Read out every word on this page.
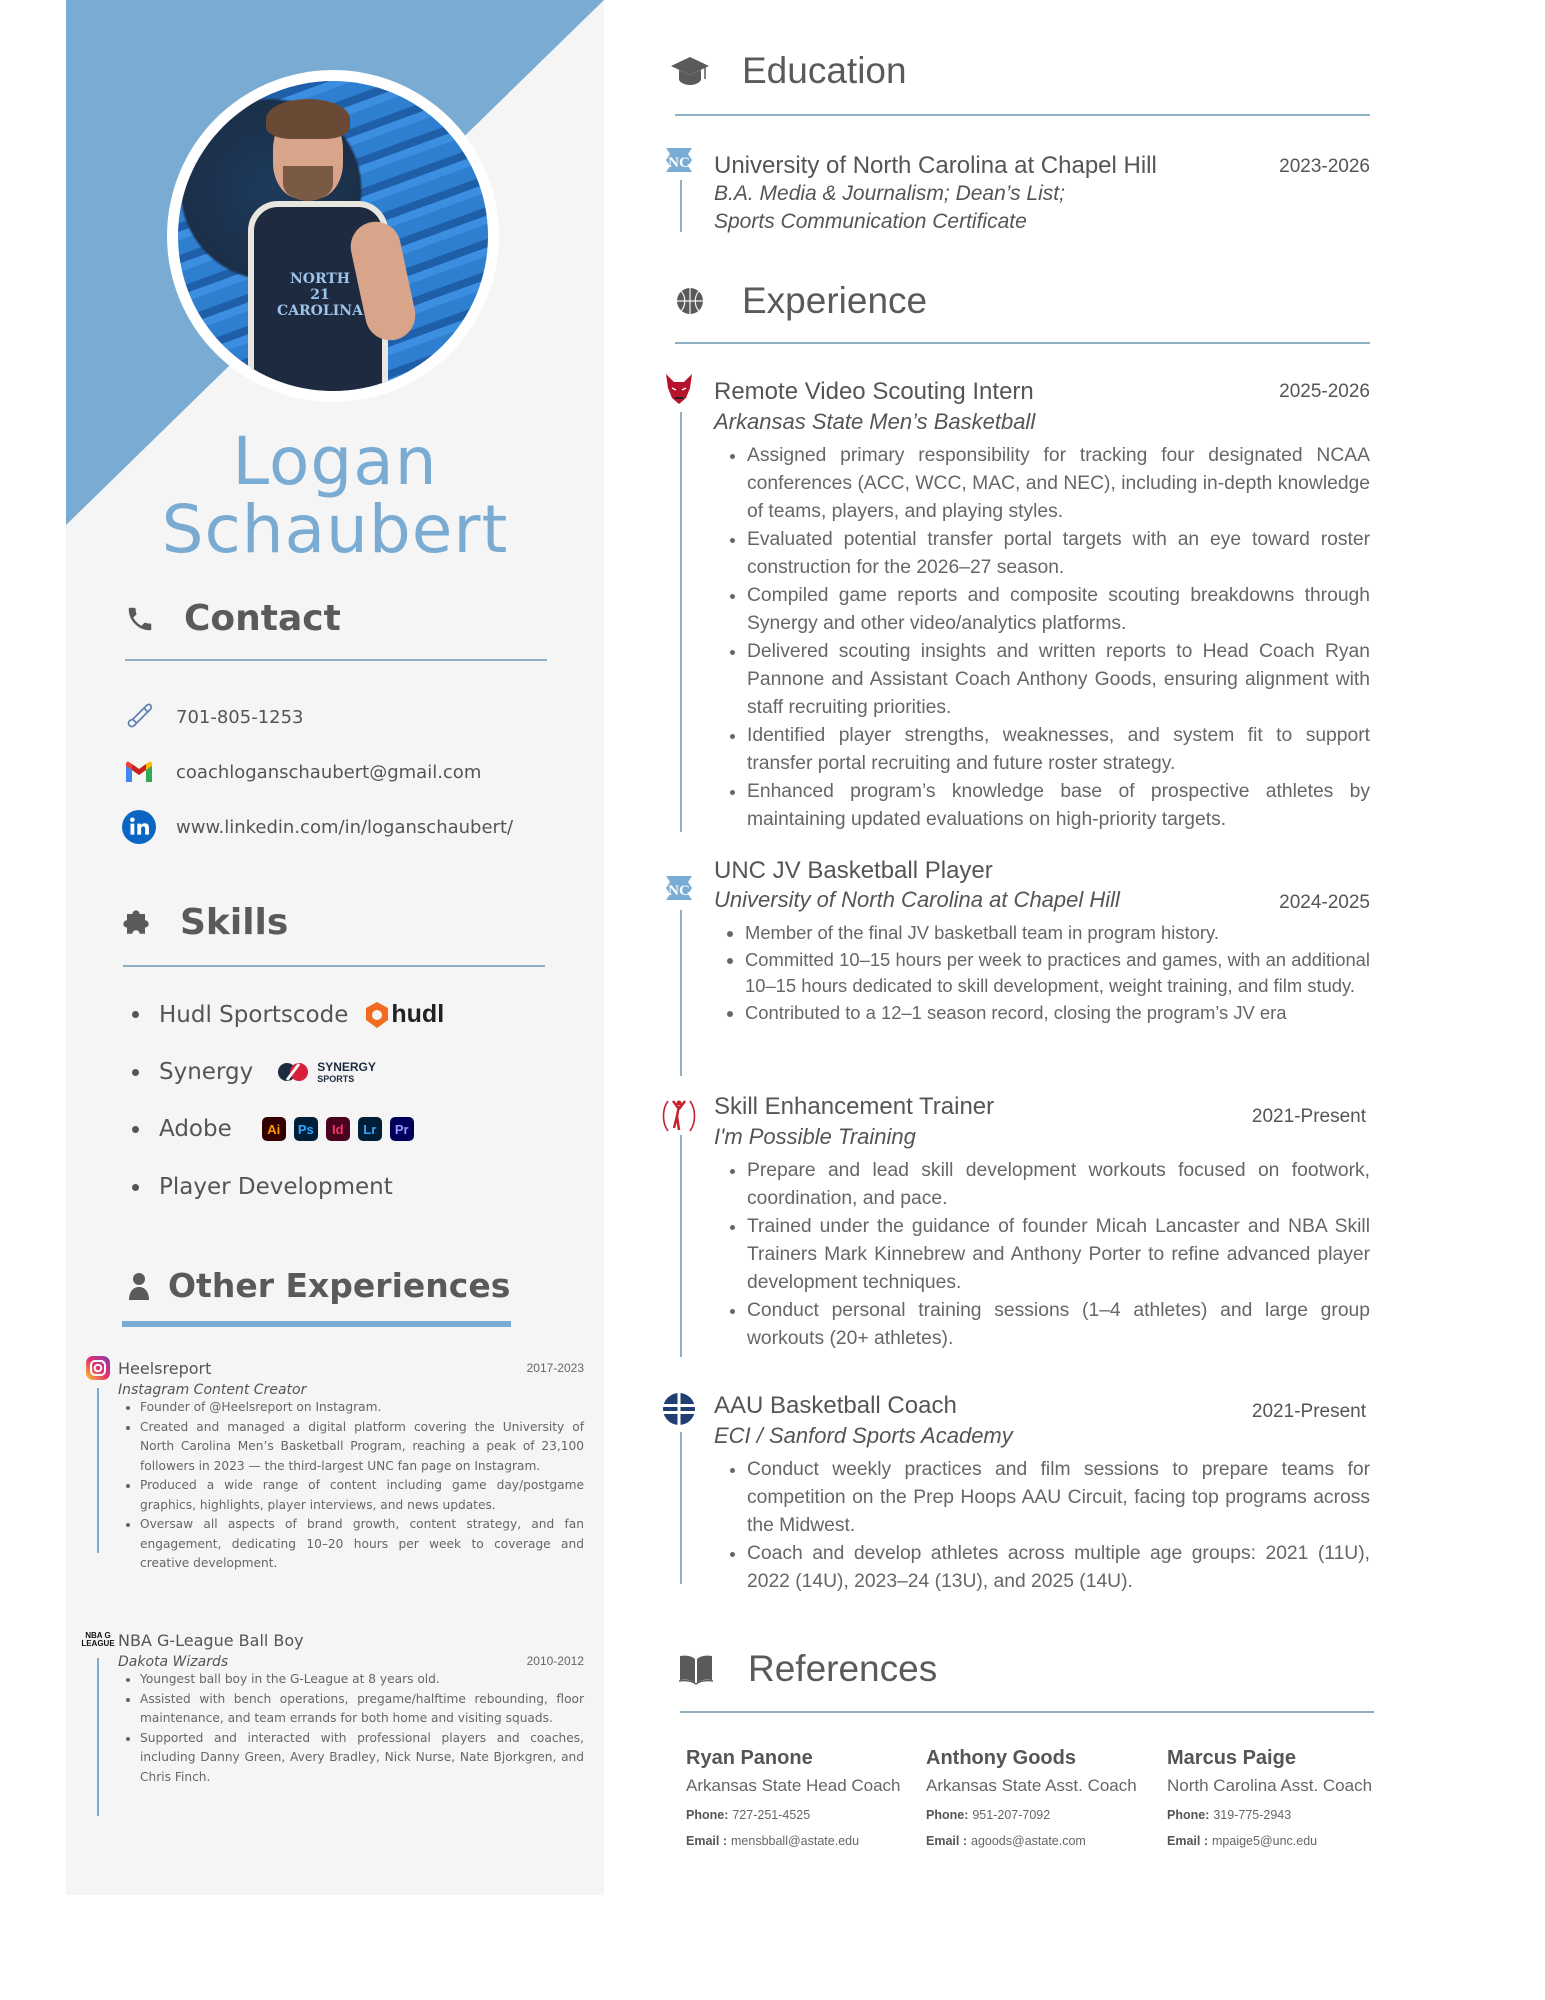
NORTH
21
CAROLINA
Logan
Schaubert
Contact
701-805-1253
coachloganschaubert@gmail.com
www.linkedin.com/in/loganschaubert/
Skills
Hudl Sportscode hudl
Synergy	SYNERGY
SPORTS
Adobe	Ai	Ps	Id	Lr	Pr
Player Development
Other Experiences
Heelsreport	2017-2023
Instagram Content Creator
• Founder of @Heelsreport on Instagram.
• Created and managed a digital platform covering the University of North Carolina Men’s Basketball Program, reaching a peak of 23,100 followers in 2023 — the third-largest UNC fan page on Instagram.
• Produced a wide range of content including game day/postgame graphics, highlights, player interviews, and news updates.
• Oversaw all aspects of brand growth, content strategy, and fan engagement, dedicating 10–20 hours per week to coverage and creative development.
NBA G LEAGUE NBA G-League Ball Boy
Dakota Wizards	2010-2012
• Youngest ball boy in the G-League at 8 years old.
• Assisted with bench operations, pregame/halftime rebounding, floor maintenance, and team errands for both home and visiting squads.
• Supported and interacted with professional players and coaches, including Danny Green, Avery Bradley, Nick Nurse, Nate Bjorkgren, and Chris Finch.
Education
NC University of North Carolina at Chapel Hill	2023-2026
B.A. Media & Journalism; Dean’s List;
Sports Communication Certificate
Experience
Remote Video Scouting Intern	2025-2026
Arkansas State Men’s Basketball
• Assigned primary responsibility for tracking four designated NCAA conferences (ACC, WCC, MAC, and NEC), including in-depth knowledge of teams, players, and playing styles.
• Evaluated potential transfer portal targets with an eye toward roster construction for the 2026–27 season.
• Compiled game reports and composite scouting breakdowns through Synergy and other video/analytics platforms.
• Delivered scouting insights and written reports to Head Coach Ryan Pannone and Assistant Coach Anthony Goods, ensuring alignment with staff recruiting priorities.
• Identified player strengths, weaknesses, and system fit to support transfer portal recruiting and future roster strategy.
• Enhanced program’s knowledge base of prospective athletes by maintaining updated evaluations on high-priority targets.
NC
UNC JV Basketball Player
University of North Carolina at Chapel Hill	2024-2025
• Member of the final JV basketball team in program history.
• Committed 10–15 hours per week to practices and games, with an additional 10–15 hours dedicated to skill development, weight training, and film study.
• Contributed to a 12–1 season record, closing the program’s JV era
Skill Enhancement Trainer	2021-Present
I'm Possible Training
• Prepare and lead skill development workouts focused on footwork, coordination, and pace.
• Trained under the guidance of founder Micah Lancaster and NBA Skill Trainers Mark Kinnebrew and Anthony Porter to refine advanced player development techniques.
• Conduct personal training sessions (1–4 athletes) and large group workouts (20+ athletes).
AAU Basketball Coach	2021-Present
ECI / Sanford Sports Academy
• Conduct weekly practices and film sessions to prepare teams for competition on the Prep Hoops AAU Circuit, facing top programs across the Midwest.
• Coach and develop athletes across multiple age groups: 2021 (11U), 2022 (14U), 2023–24 (13U), and 2025 (14U).
References
Ryan Panone
Arkansas State Head Coach
Phone: 727-251-4525
Email : mensbball@astate.edu
Anthony Goods
Arkansas State Asst. Coach
Phone: 951-207-7092
Email : agoods@astate.com
Marcus Paige
North Carolina Asst. Coach
Phone: 319-775-2943
Email : mpaige5@unc.edu
